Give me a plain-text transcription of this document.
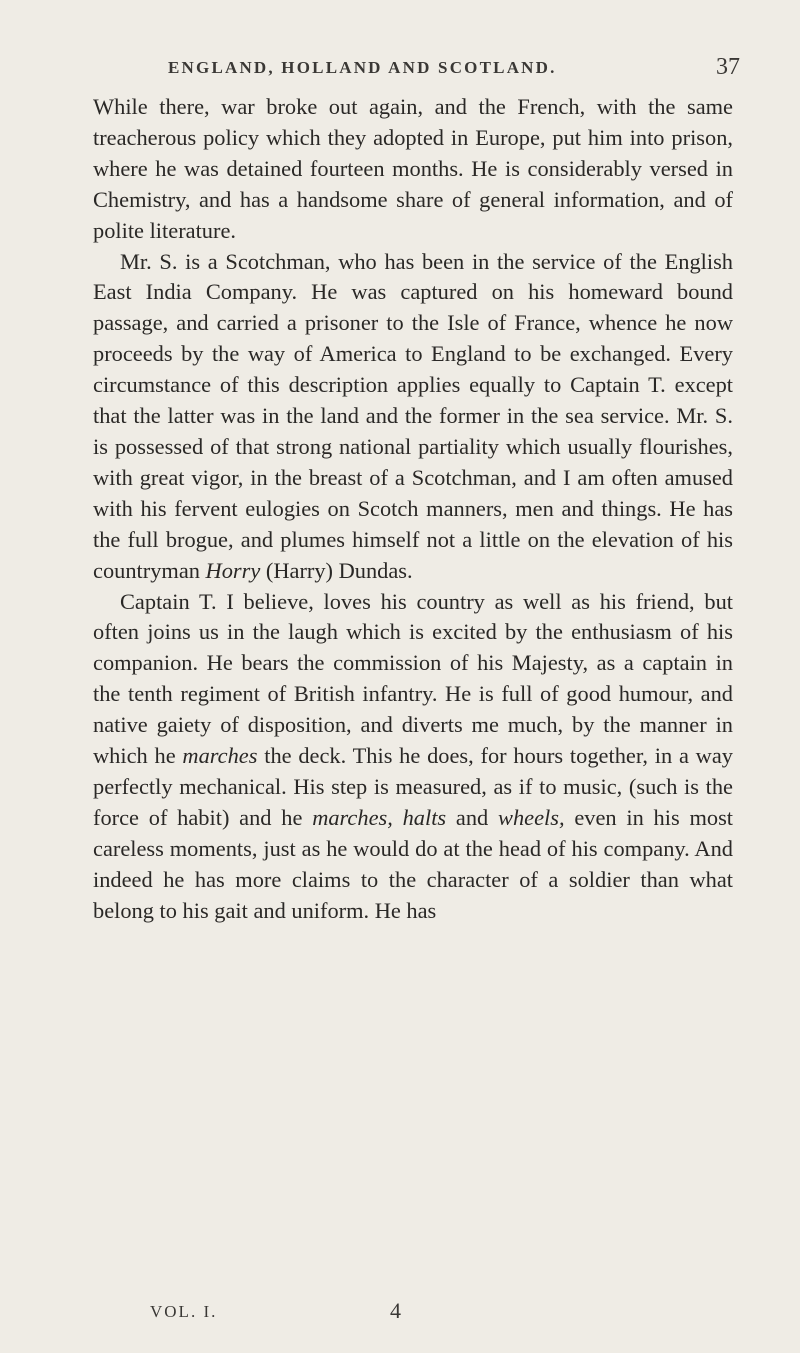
ENGLAND, HOLLAND AND SCOTLAND.	37

While there, war broke out again, and the French, with the same treacherous policy which they adopted in Europe, put him into prison, where he was detained fourteen months. He is considerably versed in Chemistry, and has a handsome share of general information, and of polite literature.

Mr. S. is a Scotchman, who has been in the service of the English East India Company. He was captured on his homeward bound passage, and carried a prisoner to the Isle of France, whence he now proceeds by the way of America to England to be exchanged. Every circumstance of this description applies equally to Captain T. except that the latter was in the land and the former in the sea service. Mr. S. is possessed of that strong national partiality which usually flourishes, with great vigor, in the breast of a Scotchman, and I am often amused with his fervent eulogies on Scotch manners, men and things. He has the full brogue, and plumes himself not a little on the elevation of his countryman Horry (Harry) Dundas.

Captain T. I believe, loves his country as well as his friend, but often joins us in the laugh which is excited by the enthusiasm of his companion. He bears the commission of his Majesty, as a captain in the tenth regiment of British infantry. He is full of good humour, and native gaiety of disposition, and diverts me much, by the manner in which he marches the deck. This he does, for hours together, in a way perfectly mechanical. His step is measured, as if to music, (such is the force of habit) and he marches, halts and wheels, even in his most careless moments, just as he would do at the head of his company. And indeed he has more claims to the character of a soldier than what belong to his gait and uniform. He has

VOL. I.	4
